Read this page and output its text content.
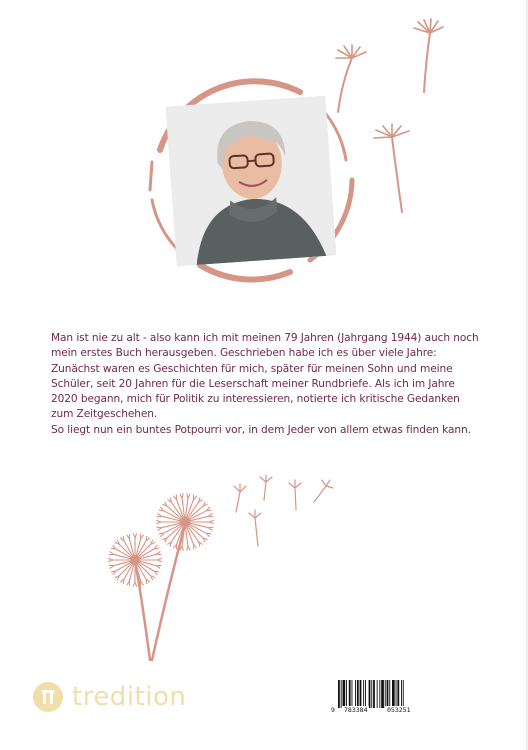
Man ist nie zu alt - also kann ich mit meinen 79 Jahren (Jahrgang 1944) auch noch mein erstes Buch herausgeben. Geschrieben habe ich es über viele Jahre: Zunächst waren es Geschichten für mich, später für meinen Sohn und meine Schüler, seit 20 Jahren für die Leserschaft meiner Rundbriefe. Als ich im Jahre 2020 begann, mich für Politik zu interessieren, notierte ich kritische Gedanken zum Zeitgeschehen.

So liegt nun ein buntes Potpourri vor, in dem Jeder von allem etwas finden kann.

tredition	9	783384	053251
